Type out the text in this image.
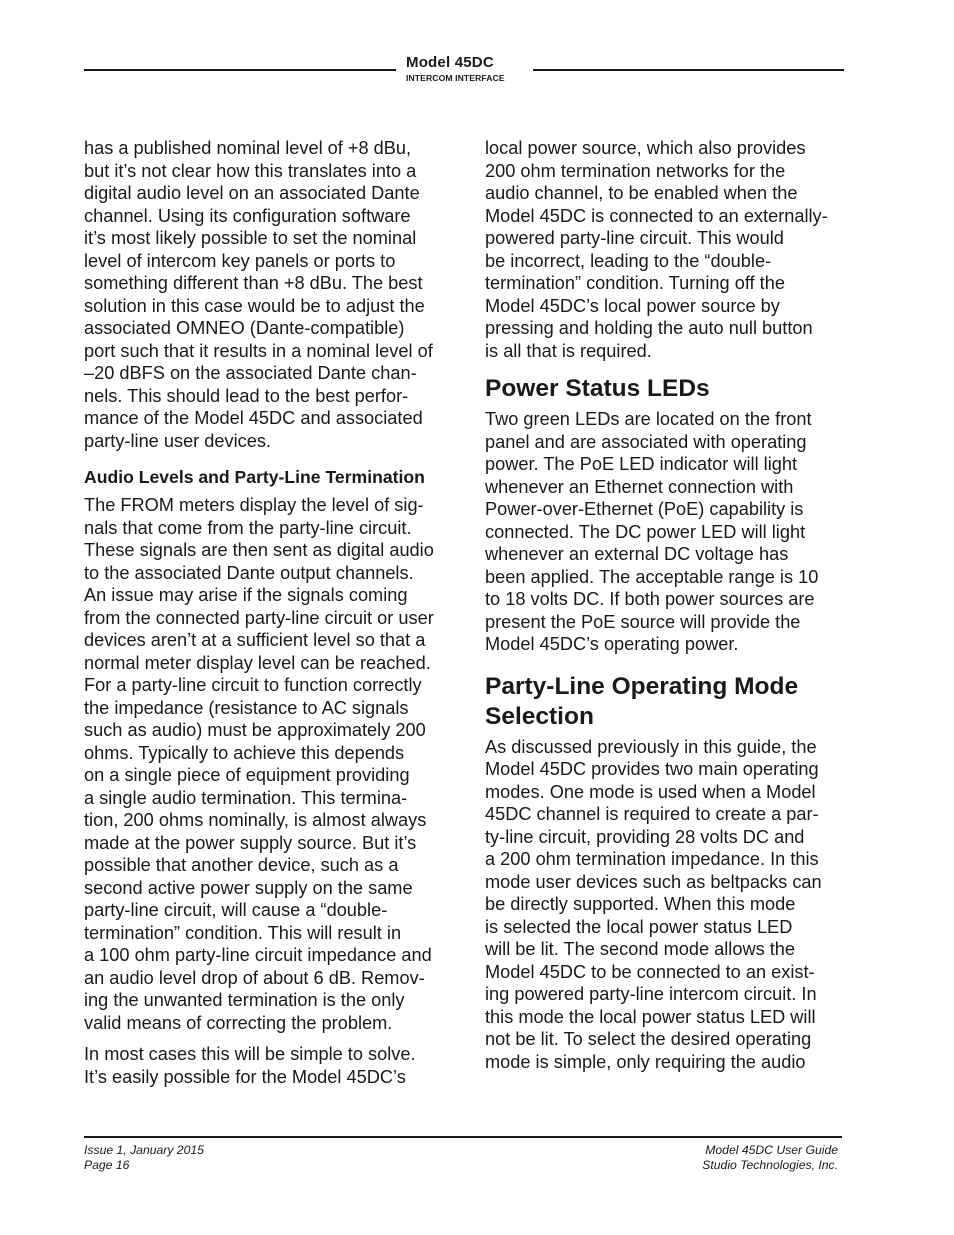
Model 45DC
INTERCOM INTERFACE

has a published nominal level of +8 dBu,
but it’s not clear how this translates into a
digital audio level on an associated Dante
channel. Using its configuration software
it’s most likely possible to set the nominal
level of intercom key panels or ports to
something different than +8 dBu. The best
solution in this case would be to adjust the
associated OMNEO (Dante-compatible)
port such that it results in a nominal level of
–20 dBFS on the associated Dante chan-
nels. This should lead to the best perfor-
mance of the Model 45DC and associated
party-line user devices.

Audio Levels and Party-Line Termination

The FROM meters display the level of sig-
nals that come from the party-line circuit.
These signals are then sent as digital audio
to the associated Dante output channels.
An issue may arise if the signals coming
from the connected party-line circuit or user
devices aren’t at a sufficient level so that a
normal meter display level can be reached.
For a party-line circuit to function correctly
the impedance (resistance to AC signals
such as audio) must be approximately 200
ohms. Typically to achieve this depends
on a single piece of equipment providing
a single audio termination. This termina-
tion, 200 ohms nominally, is almost always
made at the power supply source. But it’s
possible that another device, such as a
second active power supply on the same
party-line circuit, will cause a “double-
termination” condition. This will result in
a 100 ohm party-line circuit impedance and
an audio level drop of about 6 dB. Remov-
ing the unwanted termination is the only
valid means of correcting the problem.

In most cases this will be simple to solve.
It’s easily possible for the Model 45DC’s

local power source, which also provides
200 ohm termination networks for the
audio channel, to be enabled when the
Model 45DC is connected to an externally-
powered party-line circuit. This would
be incorrect, leading to the “double-
termination” condition. Turning off the
Model 45DC’s local power source by
pressing and holding the auto null button
is all that is required.

Power Status LEDs

Two green LEDs are located on the front
panel and are associated with operating
power. The PoE LED indicator will light
whenever an Ethernet connection with
Power-over-Ethernet (PoE) capability is
connected. The DC power LED will light
whenever an external DC voltage has
been applied. The acceptable range is 10
to 18 volts DC. If both power sources are
present the PoE source will provide the
Model 45DC’s operating power.

Party-Line Operating Mode
Selection

As discussed previously in this guide, the
Model 45DC provides two main operating
modes. One mode is used when a Model
45DC channel is required to create a par-
ty-line circuit, providing 28 volts DC and
a 200 ohm termination impedance. In this
mode user devices such as beltpacks can
be directly supported. When this mode
is selected the local power status LED
will be lit. The second mode allows the
Model 45DC to be connected to an exist-
ing powered party-line intercom circuit. In
this mode the local power status LED will
not be lit. To select the desired operating
mode is simple, only requiring the audio

Issue 1, January 2015
Page 16
Model 45DC User Guide
Studio Technologies, Inc.
